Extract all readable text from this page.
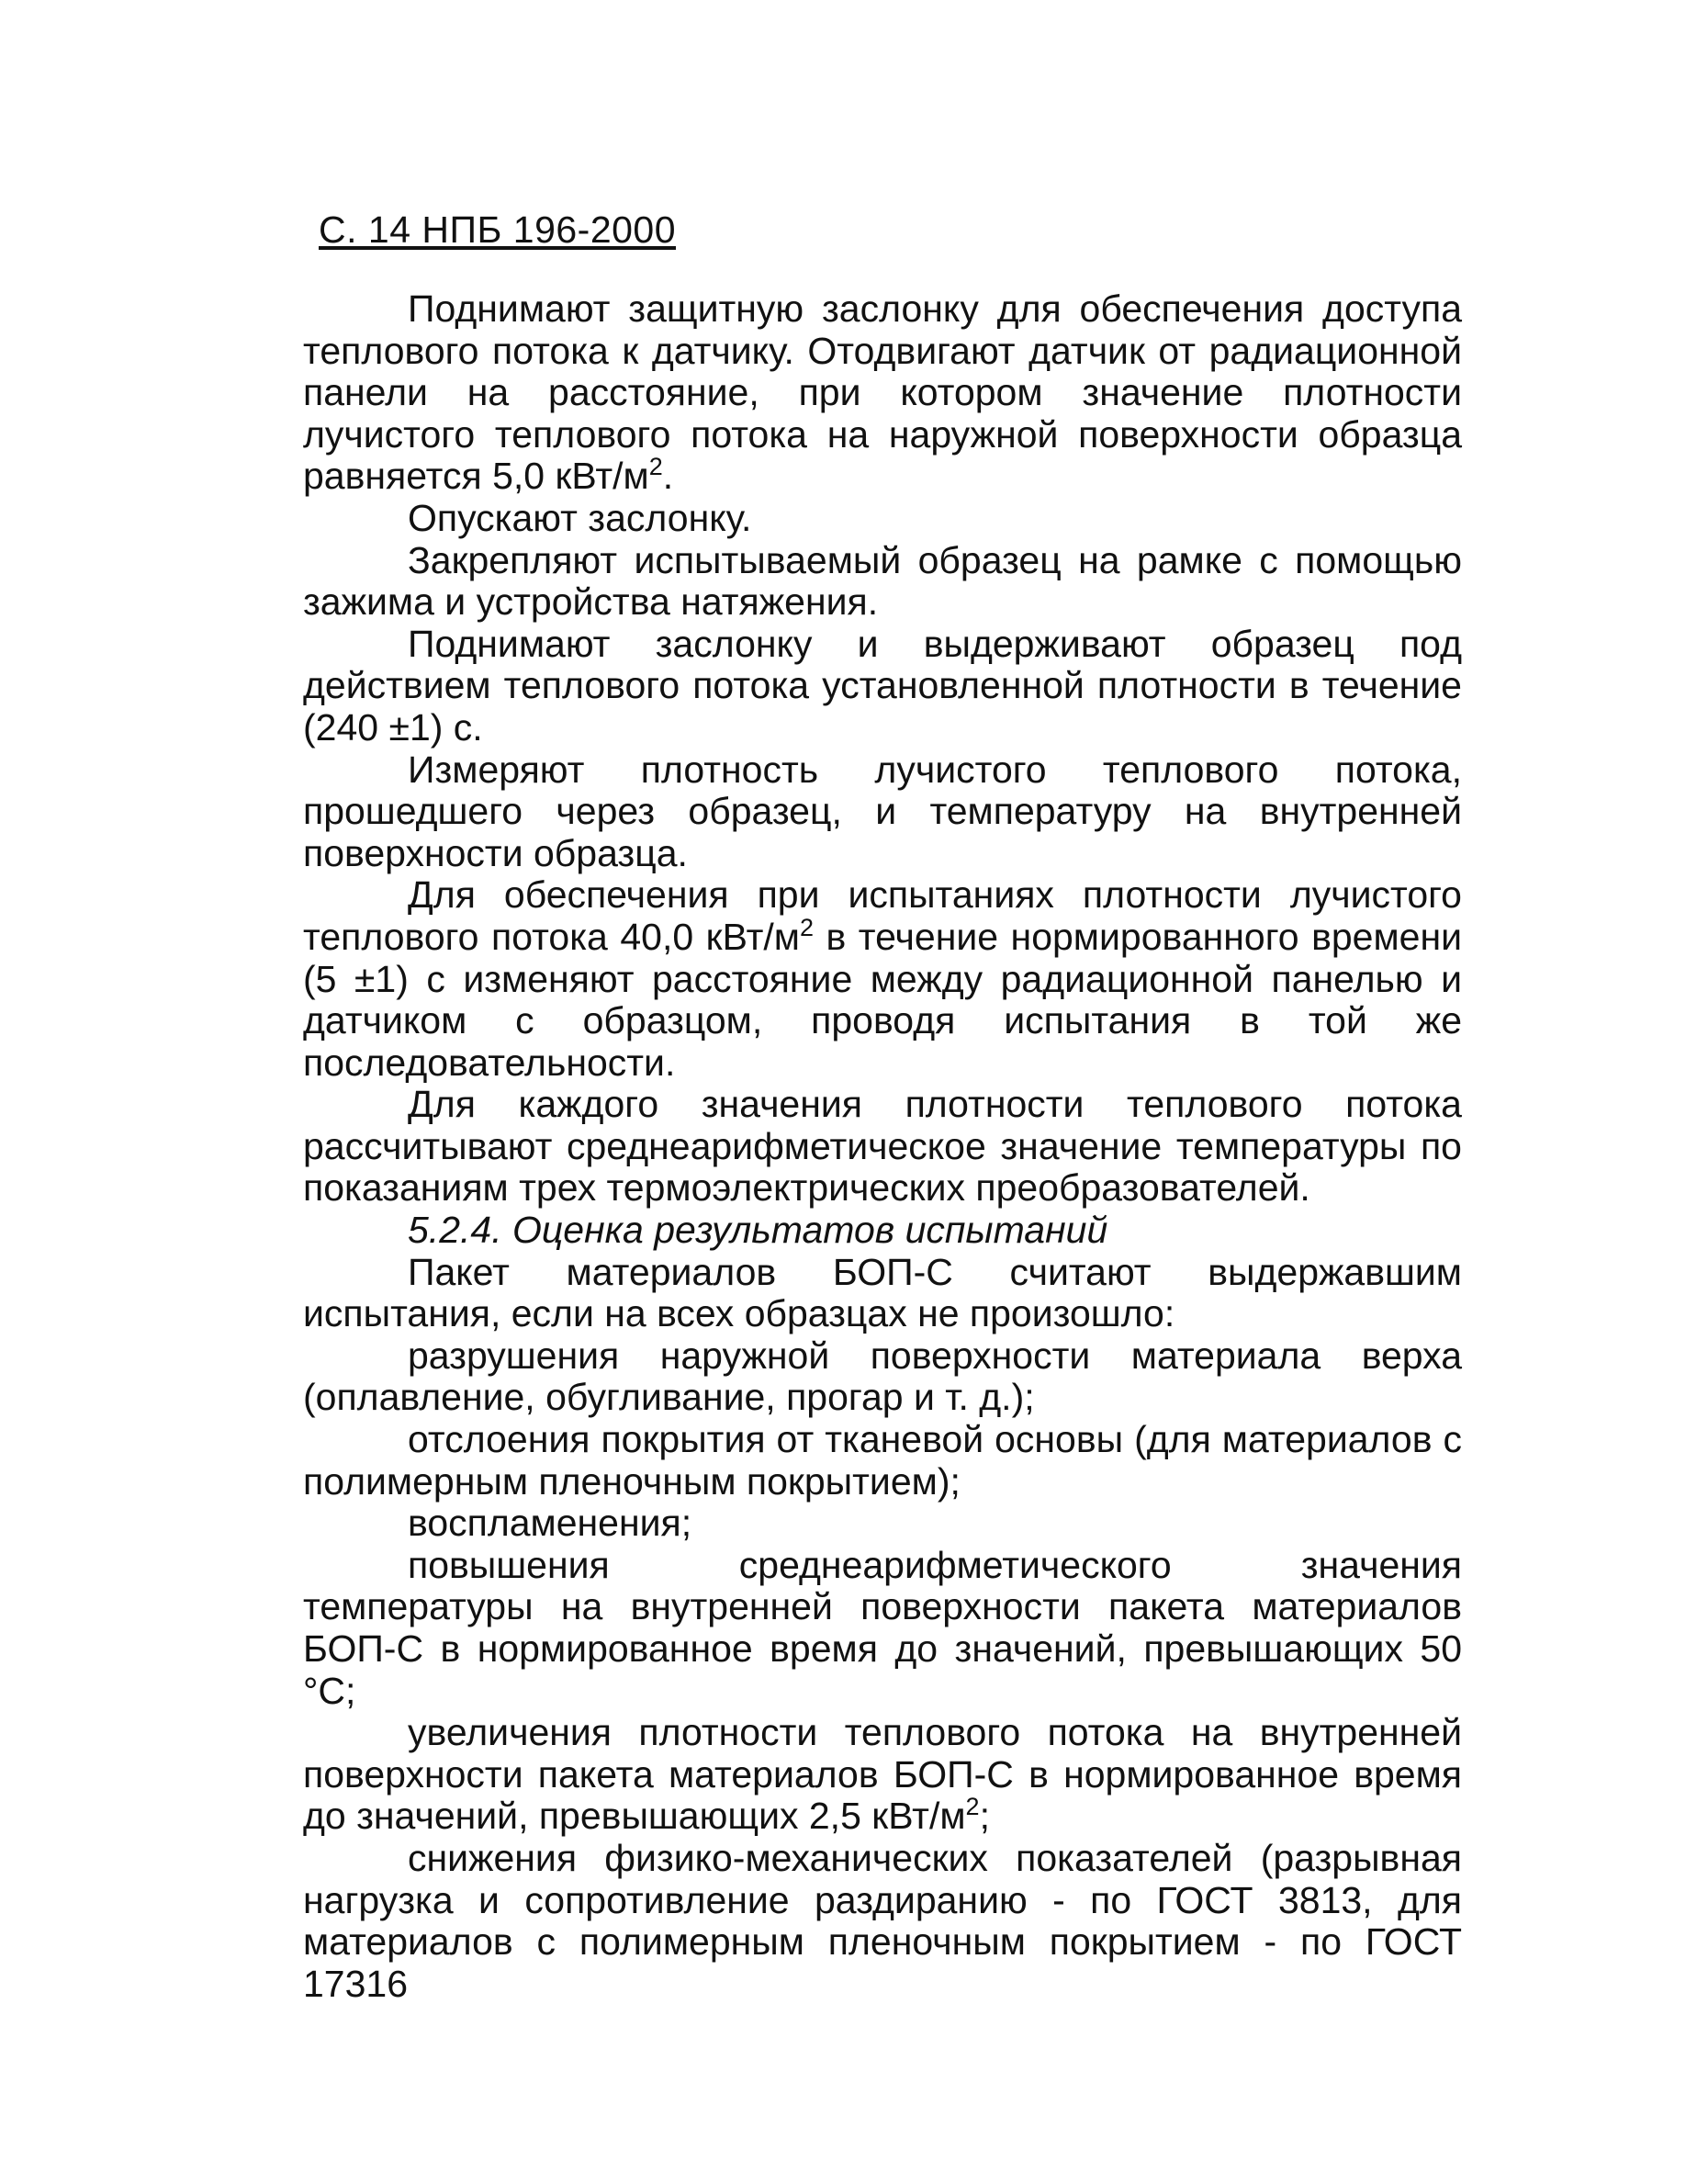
С. 14 НПБ 196-2000

Поднимают защитную заслонку для обеспечения доступа теплового потока к датчику. Отодвигают датчик от радиационной панели на расстояние, при котором значение плотности лучистого теплового потока на наружной поверхности образца равняется 5,0 кВт/$м^2$.

Опускают заслонку.

Закрепляют испытываемый образец на рамке с помощью зажима и устройства натяжения.

Поднимают заслонку и выдерживают образец под действием теплового потока установленной плотности в течение (240 ±1) с.

Измеряют плотность лучистого теплового потока, прошедшего через образец, и температуру на внутренней поверхности образца.

Для обеспечения при испытаниях плотности лучистого теплового потока 40,0 кВт/$м^2$ в течение нормированного времени (5 ±1) с изменяют расстояние между радиационной панелью и датчиком с образцом, проводя испытания в той же последовательности.

Для каждого значения плотности теплового потока рассчитывают среднеарифметическое значение температуры по показаниям трех термоэлектрических преобразователей.

5.2.4. Оценка результатов испытаний

Пакет материалов БОП-С считают выдержавшим испытания, если на всех образцах не произошло:

разрушения наружной поверхности материала верха (оплавление, обугливание, прогар и т. д.);

отслоения покрытия от тканевой основы (для материалов с полимерным пленочным покрытием);

воспламенения;

повышения среднеарифметического значения температуры на внутренней поверхности пакета материалов БОП-С в нормированное время до значений, превышающих 50 °С;

увеличения плотности теплового потока на внутренней поверхности пакета материалов БОП-С в нормированное время до значений, превышающих 2,5 кВт/$м^2$;

снижения физико-механических показателей (разрывная нагрузка и сопротивление раздиранию - по ГОСТ 3813, для материалов с полимерным пленочным покрытием - по ГОСТ 17316
